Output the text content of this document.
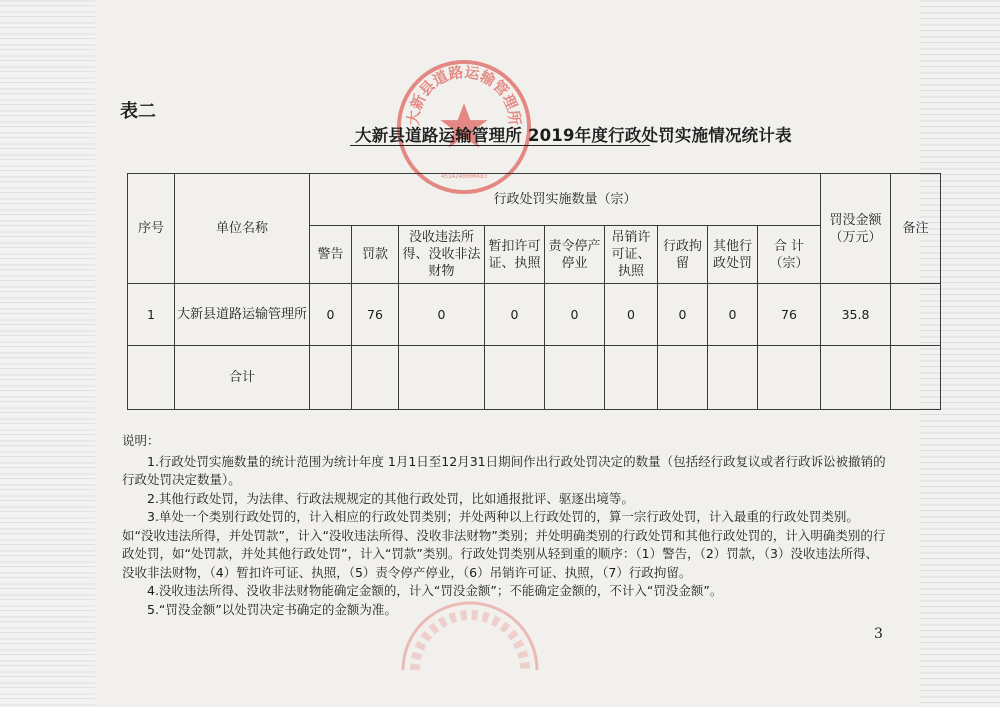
表二	大新县道路运输管理所
4514240000483
大新县道路运输管理所 2019年度行政处罚实施情况统计表
序号	单位名称	行政处罚实施数量（宗）									罚没金额（万元）	备注
		警告	罚款	没收违法所得、没收非法财物	暂扣许可证、执照	责令停产停业	吊销许可证、执照	行政拘留	其他行政处罚	合 计（宗）		
1	大新县道路运输管理所	0	76	0	0	0	0	0	0	76	35.8	
	合计											

说明：

1.行政处罚实施数量的统计范围为统计年度 1月1日至12月31日期间作出行政处罚决定的数量（包括经行政复议或者行政诉讼被撤销的行政处罚决定数量）。

2.其他行政处罚，为法律、行政法规规定的其他行政处罚，比如通报批评、驱逐出境等。

3.单处一个类别行政处罚的，计入相应的行政处罚类别；并处两种以上行政处罚的，算一宗行政处罚，计入最重的行政处罚类别。如“没收违法所得，并处罚款”，计入“没收违法所得、没收非法财物”类别；并处明确类别的行政处罚和其他行政处罚的，计入明确类别的行政处罚，如“处罚款，并处其他行政处罚”，计入“罚款”类别。行政处罚类别从轻到重的顺序：（1）警告，（2）罚款，（3）没收违法所得、没收非法财物，（4）暂扣许可证、执照，（5）责令停产停业，（6）吊销许可证、执照，（7）行政拘留。

4.没收违法所得、没收非法财物能确定金额的，计入“罚没金额”；不能确定金额的，不计入“罚没金额”。

5.“罚没金额”以处罚决定书确定的金额为准。

3
